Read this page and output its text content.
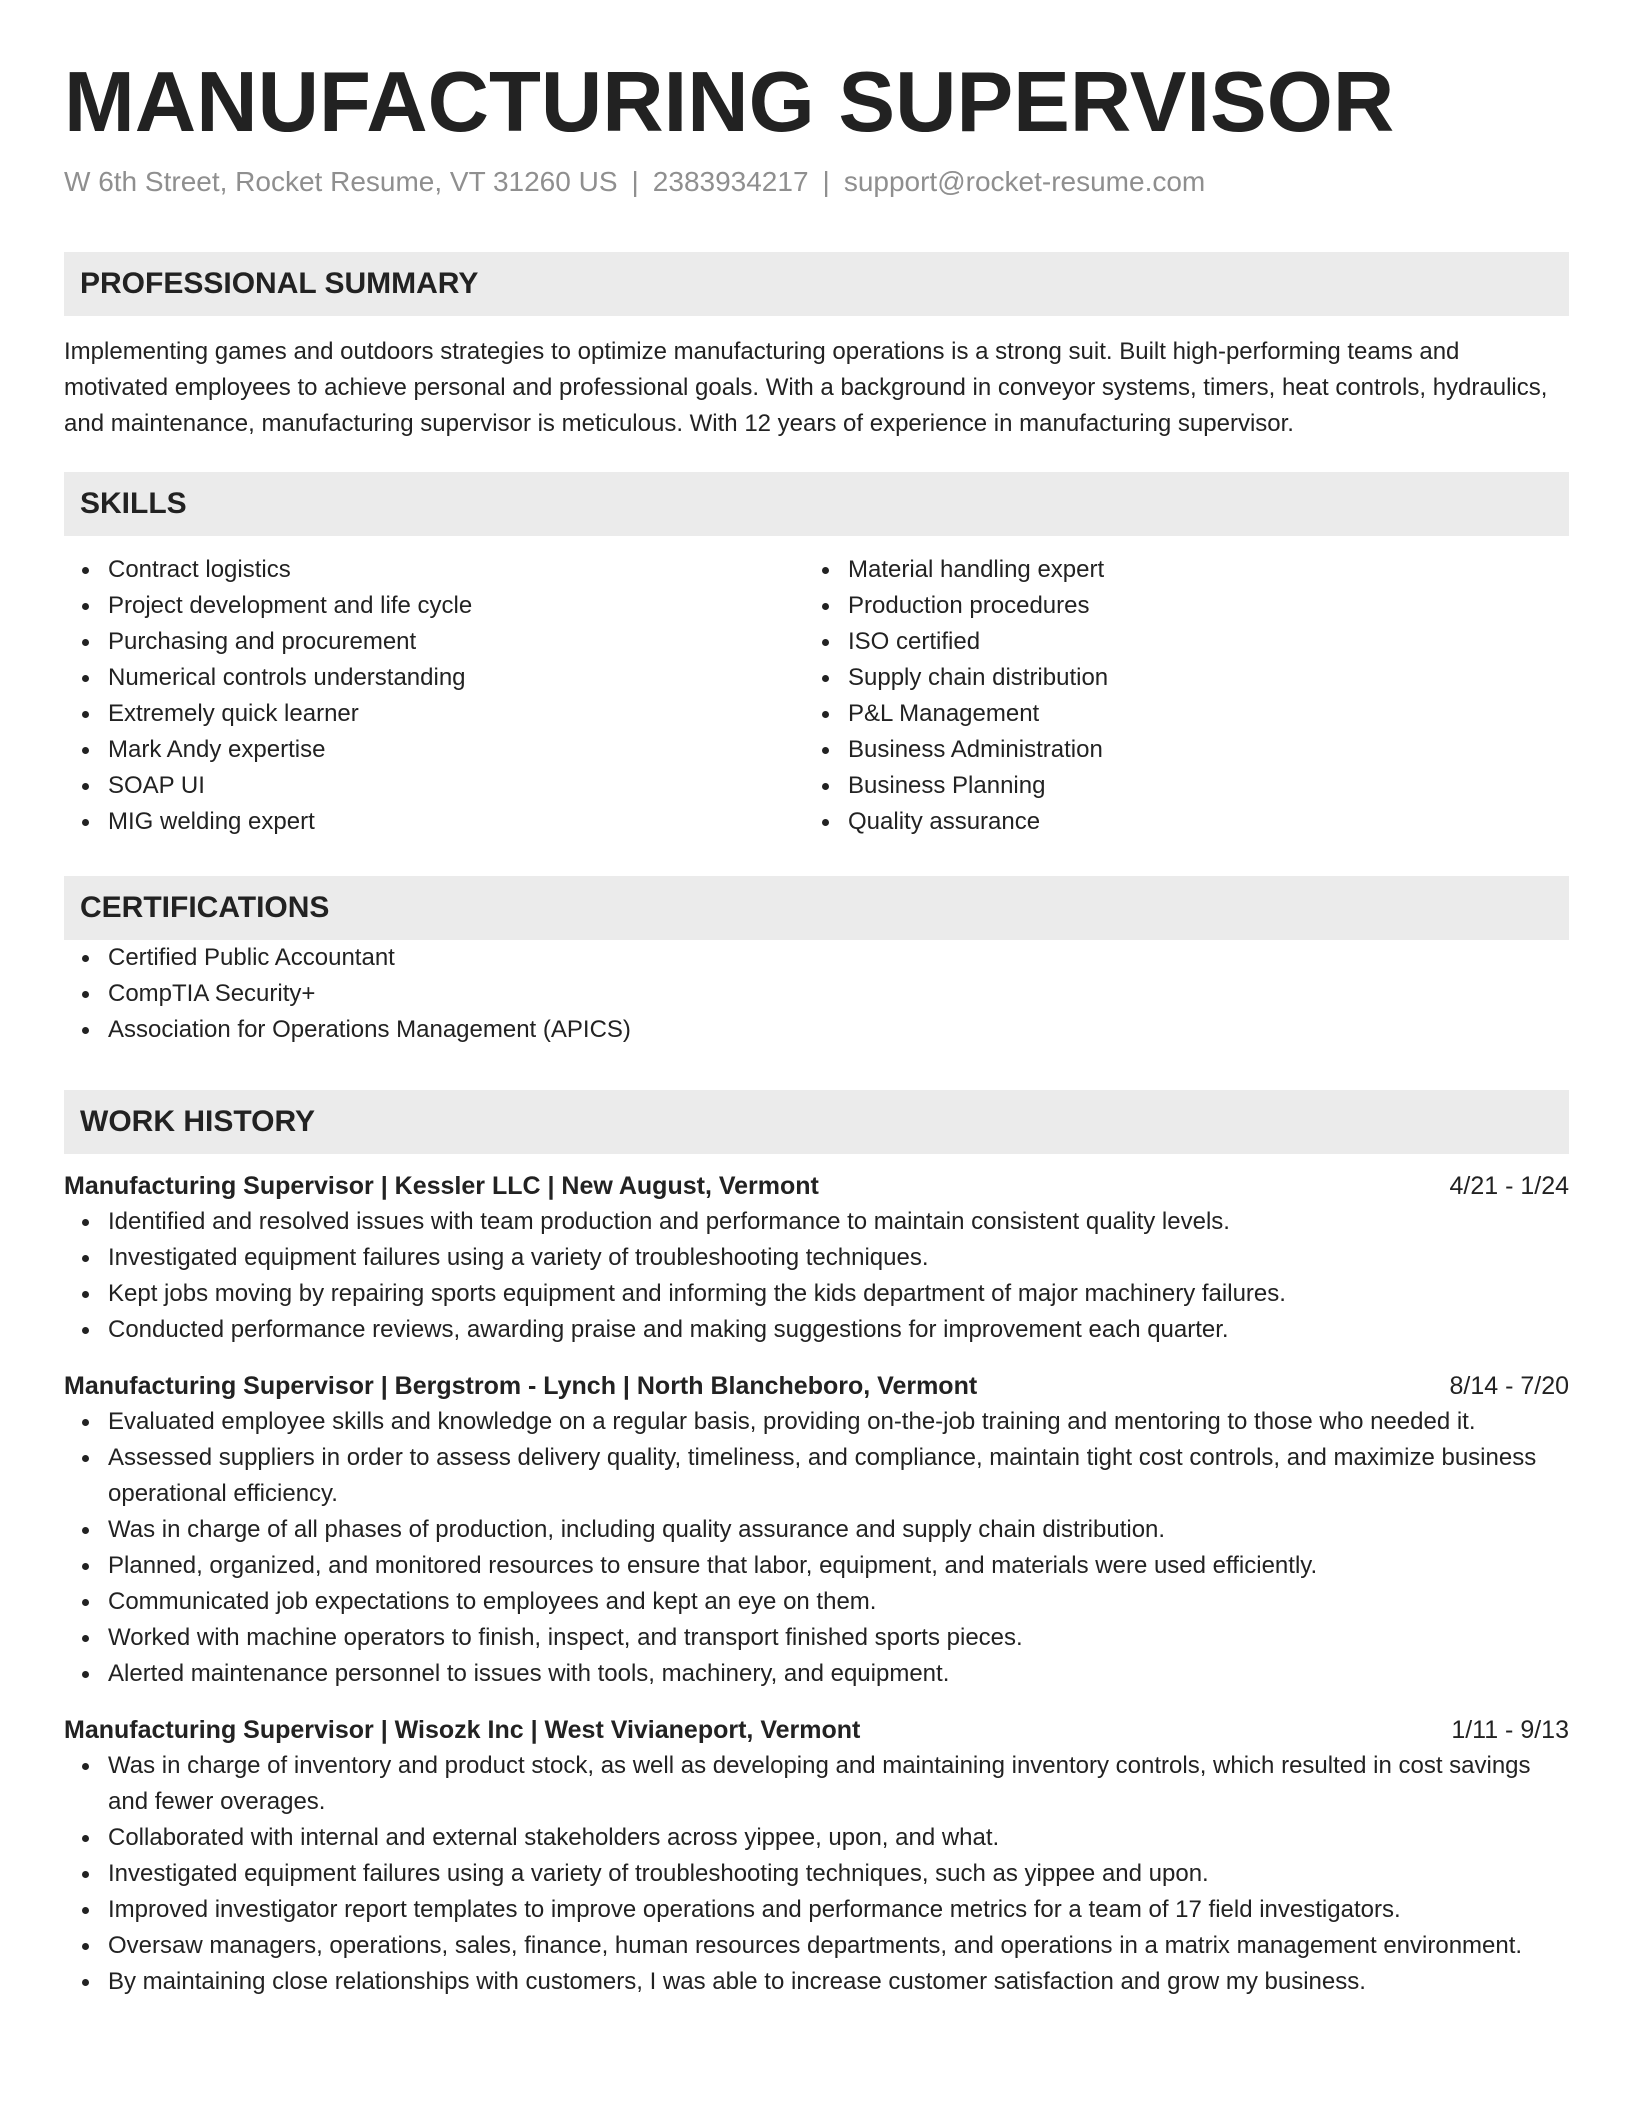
MANUFACTURING SUPERVISOR
W 6th Street, Rocket Resume, VT 31260 US | 2383934217 | support@rocket-resume.com
PROFESSIONAL SUMMARY

Implementing games and outdoors strategies to optimize manufacturing operations is a strong suit. Built high-performing teams and motivated employees to achieve personal and professional goals. With a background in conveyor systems, timers, heat controls, hydraulics, and maintenance, manufacturing supervisor is meticulous. With 12 years of experience in manufacturing supervisor.

SKILLS
Contract logistics
Project development and life cycle
Purchasing and procurement
Numerical controls understanding
Extremely quick learner
Mark Andy expertise
SOAP UI
MIG welding expert
Material handling expert
Production procedures
ISO certified
Supply chain distribution
P&L Management
Business Administration
Business Planning
Quality assurance
CERTIFICATIONS
Certified Public Accountant
CompTIA Security+
Association for Operations Management (APICS)
WORK HISTORY
Manufacturing Supervisor | Kessler LLC | New August, Vermont	4/21 - 1/24
Identified and resolved issues with team production and performance to maintain consistent quality levels.
Investigated equipment failures using a variety of troubleshooting techniques.
Kept jobs moving by repairing sports equipment and informing the kids department of major machinery failures.
Conducted performance reviews, awarding praise and making suggestions for improvement each quarter.
Manufacturing Supervisor | Bergstrom - Lynch | North Blancheboro, Vermont	8/14 - 7/20
Evaluated employee skills and knowledge on a regular basis, providing on-the-job training and mentoring to those who needed it.
Assessed suppliers in order to assess delivery quality, timeliness, and compliance, maintain tight cost controls, and maximize business operational efficiency.
Was in charge of all phases of production, including quality assurance and supply chain distribution.
Planned, organized, and monitored resources to ensure that labor, equipment, and materials were used efficiently.
Communicated job expectations to employees and kept an eye on them.
Worked with machine operators to finish, inspect, and transport finished sports pieces.
Alerted maintenance personnel to issues with tools, machinery, and equipment.
Manufacturing Supervisor | Wisozk Inc | West Vivianeport, Vermont	1/11 - 9/13
Was in charge of inventory and product stock, as well as developing and maintaining inventory controls, which resulted in cost savings and fewer overages.
Collaborated with internal and external stakeholders across yippee, upon, and what.
Investigated equipment failures using a variety of troubleshooting techniques, such as yippee and upon.
Improved investigator report templates to improve operations and performance metrics for a team of 17 field investigators.
Oversaw managers, operations, sales, finance, human resources departments, and operations in a matrix management environment.
By maintaining close relationships with customers, I was able to increase customer satisfaction and grow my business.
